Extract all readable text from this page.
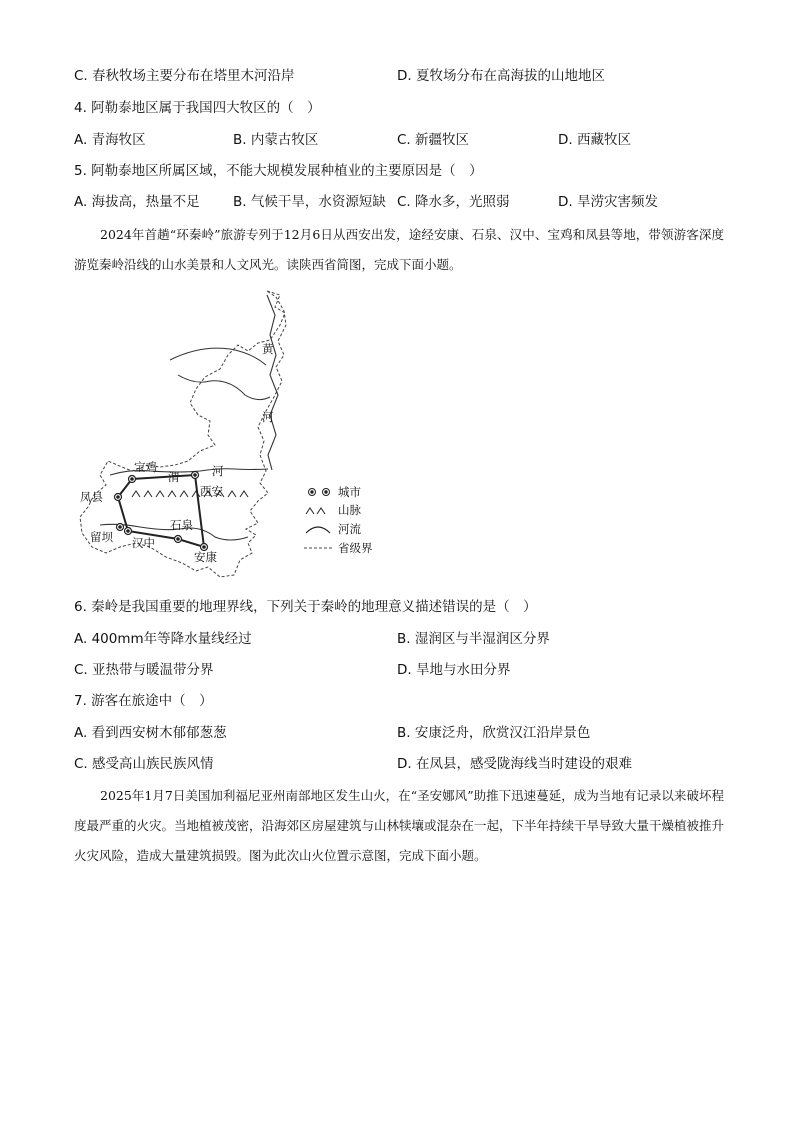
C. 春秋牧场主要分布在塔里木河沿岸	D. 夏牧场分布在高海拔的山地地区
4. 阿勒泰地区属于我国四大牧区的（　）
A. 青海牧区	B. 内蒙古牧区	C. 新疆牧区	D. 西藏牧区
5. 阿勒泰地区所属区域，不能大规模发展种植业的主要原因是（　）
A. 海拔高，热量不足 B. 气候干旱，水资源短缺 C. 降水多，光照弱	D. 旱涝灾害频发
2024年首趟“环秦岭”旅游专列于12月6日从西安出发，途经安康、石泉、汉中、宝鸡和凤县等地，带领游客深度游览秦岭沿线的山水美景和人文风光。读陕西省简图，完成下面小题。
黄
河
渭	河
宝鸡
西安
凤县
石泉
留坝 汉中
安康
城市
山脉
河流
省级界
6. 秦岭是我国重要的地理界线，下列关于秦岭的地理意义描述错误的是（　）
A. 400mm年等降水量线经过	B. 湿润区与半湿润区分界
C. 亚热带与暖温带分界	D. 旱地与水田分界
7. 游客在旅途中（　）
A. 看到西安树木郁郁葱葱	B. 安康泛舟，欣赏汉江沿岸景色
C. 感受高山族民族风情	D. 在凤县，感受陇海线当时建设的艰难
2025年1月7日美国加利福尼亚州南部地区发生山火，在“圣安娜风”助推下迅速蔓延，成为当地有记录以来破坏程度最严重的火灾。当地植被茂密，沿海郊区房屋建筑与山林犊壤或混杂在一起，下半年持续干旱导致大量干燥植被推升火灾风险，造成大量建筑损毁。图为此次山火位置示意图，完成下面小题。
